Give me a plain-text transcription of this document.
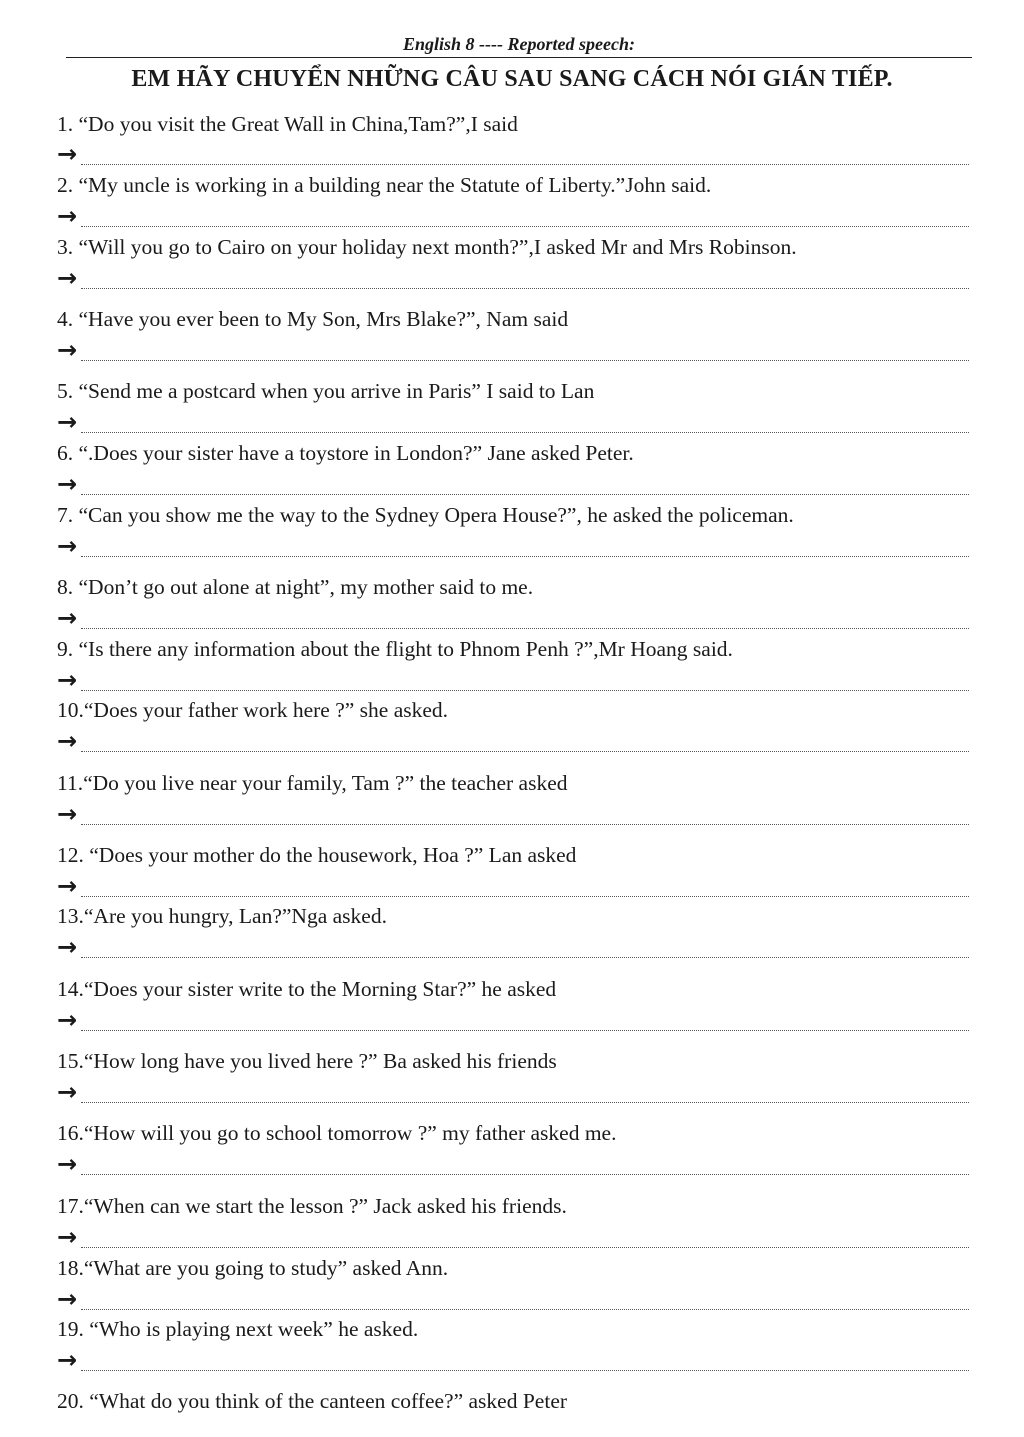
English 8 ---- Reported speech:
EM HÃY CHUYỂN NHỮNG CÂU SAU SANG CÁCH NÓI GIÁN TIẾP.
1. “Do you visit the Great Wall in China,Tam?”,I said
→
2. “My uncle is working in a building near the Statute of Liberty.”John said.
→
3. “Will you go to Cairo on your holiday next month?”,I asked Mr and Mrs Robinson.
→
4. “Have you ever been to My Son, Mrs Blake?”, Nam said
→
5. “Send me a postcard when you arrive in Paris” I said to Lan
→
6. “.Does your sister have a toystore in London?” Jane asked Peter.
→
7. “Can you show me the way to the Sydney Opera House?”, he asked the policeman.
→
8. “Don’t go out alone at night”, my mother said to me.
→
9. “Is there any information about the flight to Phnom Penh ?”,Mr Hoang said.
→
10.“Does your father work here ?” she asked.
→
11.“Do you live near your family, Tam ?” the teacher asked
→
12. “Does your mother do the housework, Hoa ?” Lan asked
→
13.“Are you hungry, Lan?”Nga asked.
→
14.“Does your sister write to the Morning Star?” he asked
→
15.“How long have you lived here ?” Ba asked his friends
→
16.“How will you go to school tomorrow ?” my father asked me.
→
17.“When can we start the lesson ?” Jack asked his friends.
→
18.“What are you going to study” asked Ann.
→
19. “Who is playing next week” he asked.
→
20. “What do you think of the canteen coffee?” asked Peter
